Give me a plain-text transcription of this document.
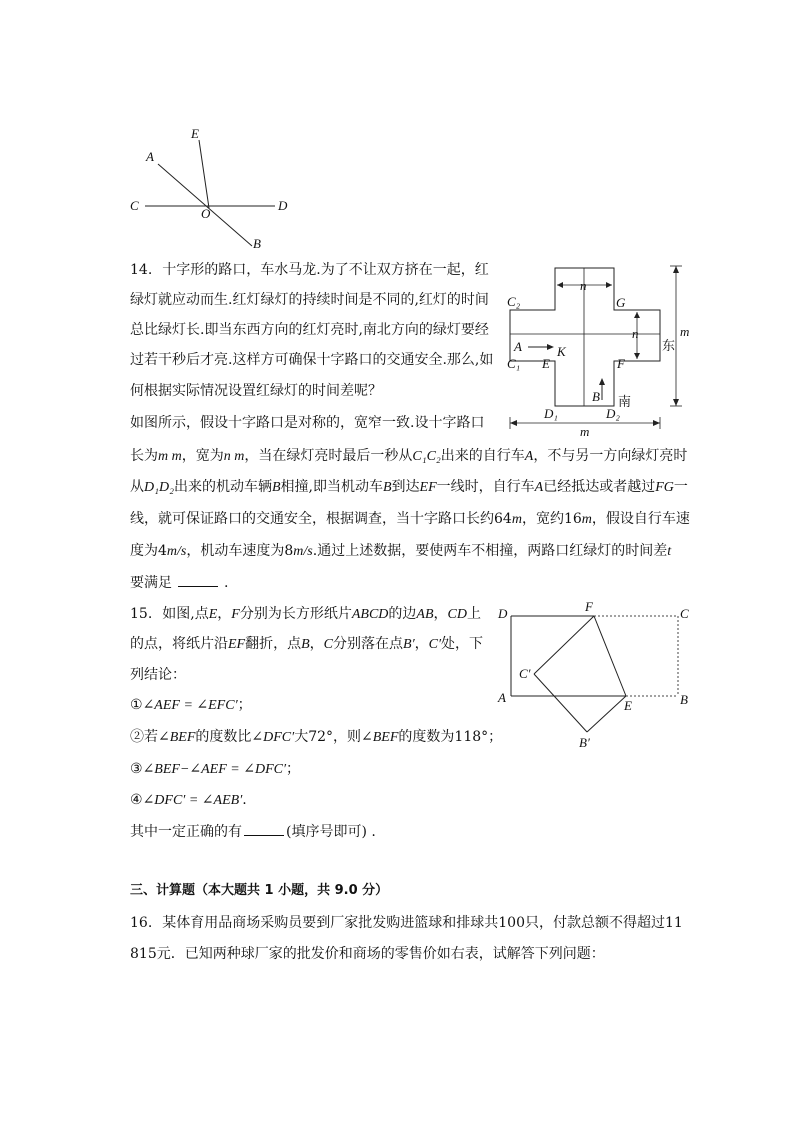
E
A
C
O
D
B
14. 十字形的路口，车水马龙.为了不让双方挤在一起，红
绿灯就应动而生.红灯绿灯的持续时间是不同的,红灯的时间
总比绿灯长.即当东西方向的红灯亮时,南北方向的绿灯要经
过若干秒后才亮.这样方可确保十字路口的交通安全.那么,如
何根据实际情况设置红绿灯的时间差呢？
如图所示，假设十字路口是对称的，宽窄一致.设十字路口
长为m m，宽为n m，当在绿灯亮时最后一秒从C₁C₂出来的自行车A，不与另一方向绿灯亮时
从D₁D₂出来的机动车辆B相撞,即当机动车B到达EF一线时，自行车A已经抵达或者越过FG一
线，就可保证路口的交通安全，根据调查，当十字路口长约64m，宽约16m，假设自行车速
度为4m/s，机动车速度为8m/s.通过上述数据，要使两车不相撞，两路口红绿灯的时间差t
要满足	.
n
C₂	G
n	m
东
A	K
C₁ E	F
B 南
D₁	D₂
m
15. 如图,点E，F分别为长方形纸片ABCD的边AB，CD上
的点，将纸片沿EF翻折，点B，C分别落在点B′，C′处，下
列结论：
①∠AEF = ∠EFC′；
②若∠BEF的度数比∠DFC′大72°，则∠BEF的度数为118°；
③∠BEF−∠AEF = ∠DFC′；
④∠DFC′ = ∠AEB′.
其中一定正确的有	(填序号即可) .
D	F	C
C′
A
E	B
B′
三、计算题（本大题共 1 小题，共 9.0 分）
16. 某体育用品商场采购员要到厂家批发购进篮球和排球共100只，付款总额不得超过11
815元．已知两种球厂家的批发价和商场的零售价如右表，试解答下列问题：
